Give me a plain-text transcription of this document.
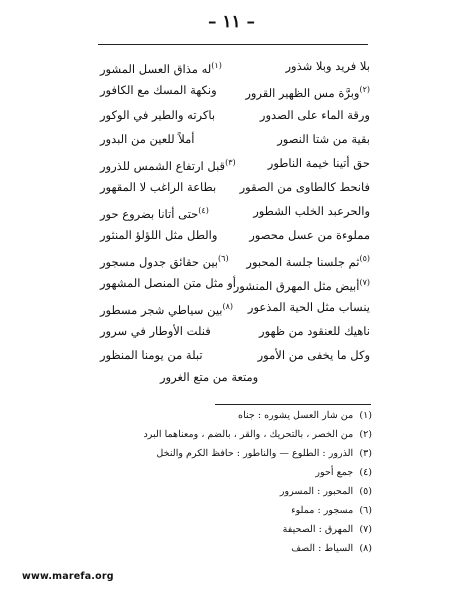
– ١١ –
بلا فريد وبلا شذور
$^{(٢)}$وبرَّة مس الظهير القرور
ورقة الماء على الصدور
بقية من شتا النصور
حق أتينا خيمة الناطور
فانحط كالطاوى من الصقور
والحرعبد الخلب الشطور
مملوءة من عسل محصور
$^{(٥)}$ثم جلسنا جلسة المحبور
$^{(٧)}$أبيض مثل المهرق المنشور
ينساب مثل الحية المذعور
ناهيك للعنقود من ظهور
وكل ما يخفى من الأمور
$^{(١)}$له مذاق العسل المشور
ونكهة المسك مع الكافور
باكرته والطير في الوكور
أملاً للعين من البدور
$^{(٣)}$قبل ارتفاع الشمس للذرور
بطاعة الراغب لا المقهور
$^{(٤)}$حتى أتانا بضروع حور
والطل مثل اللؤلؤ المنثور
$^{(٦)}$بين حقائق جدول مسجور
أو مثل متن المنصل المشهور
$^{(٨)}$بين سياطي شجر مسطور
فنلت الأوطار في سرور
تبلة من يومنا المنظور
ومتعة من متع الغرور
(١)  من شار العسل يشوره : جناه
(٢)  من الخصر ، بالتحريك ، والقر ، بالضم ، ومعناهما البرد
(٣)  الذرور : الطلوع — والناطور : حافظ الكرم والنخل
(٤)  جمع أحور
(٥)  المحبور : المسرور
(٦)  مسجور : مملوء
(٧)  المهرق : الصحيفة
(٨)  السياط : الصف
www.marefa.org
